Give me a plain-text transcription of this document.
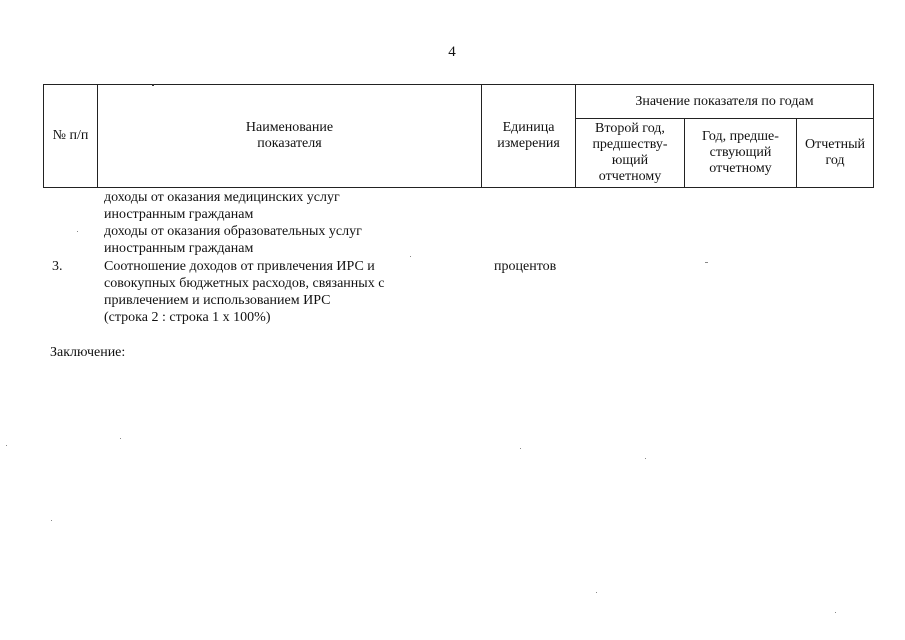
4
№ п/п
Наименование
показателя
Единица
измерения
Значение показателя по годам
Второй год,
предшеству-
ющий
отчетному
Год, предше-
ствующий
отчетному
Отчетный
год
доходы от оказания медицинских услуг
иностранным гражданам
доходы от оказания образовательных услуг
иностранным гражданам
3.	Соотношение доходов от привлечения ИРС и
совокупных бюджетных расходов, связанных с
привлечением и использованием ИРС
(строка 2 : строка 1 х 100%)
процентов
Заключение:
